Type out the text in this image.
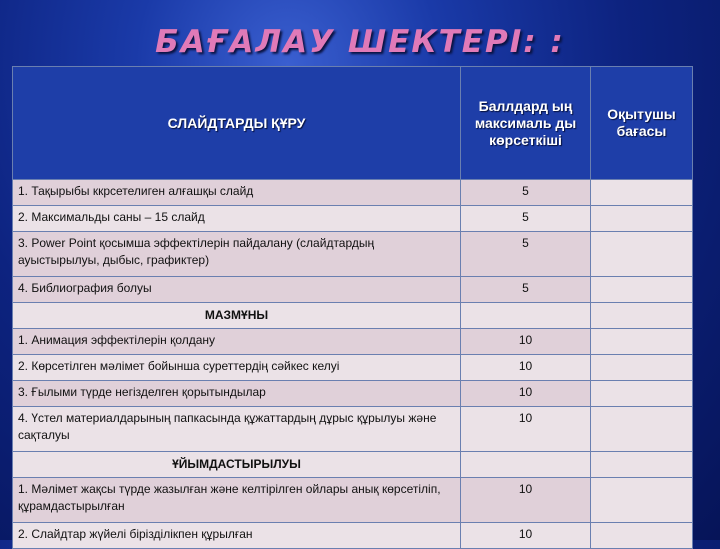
БАҒАЛАУ ШЕКТЕРІ: :
СЛАЙДТАРДЫ ҚҰРУ	Баллдард ың максималь ды көрсеткіші	Оқытушы бағасы
1. Тақырыбы ккрсетелиген алғашқы слайд	5	
2. Максимальды саны – 15 слайд	5	
3. Power Point қосымша эффектілерін пайдалану (слайдтардың ауыстырылуы, дыбыс, графиктер)	5	
4. Библиография болуы	5	
МАЗМҰНЫ		
1. Анимация эффектілерін қолдану	10	
2. Көрсетілген мәлімет бойынша суреттердің сәйкес келуі	10	
3. Ғылыми түрде негізделген қорытындылар	10	
4. Үстел материалдарының папкасында құжаттардың дұрыс құрылуы және сақталуы	10	
ҰЙЫМДАСТЫРЫЛУЫ		
1. Мәлімет жақсы түрде жазылған және келтірілген ойлары анық көрсетіліп, құрамдастырылған	10	
2. Слайдтар жүйелі бірізділікпен құрылған	10	
